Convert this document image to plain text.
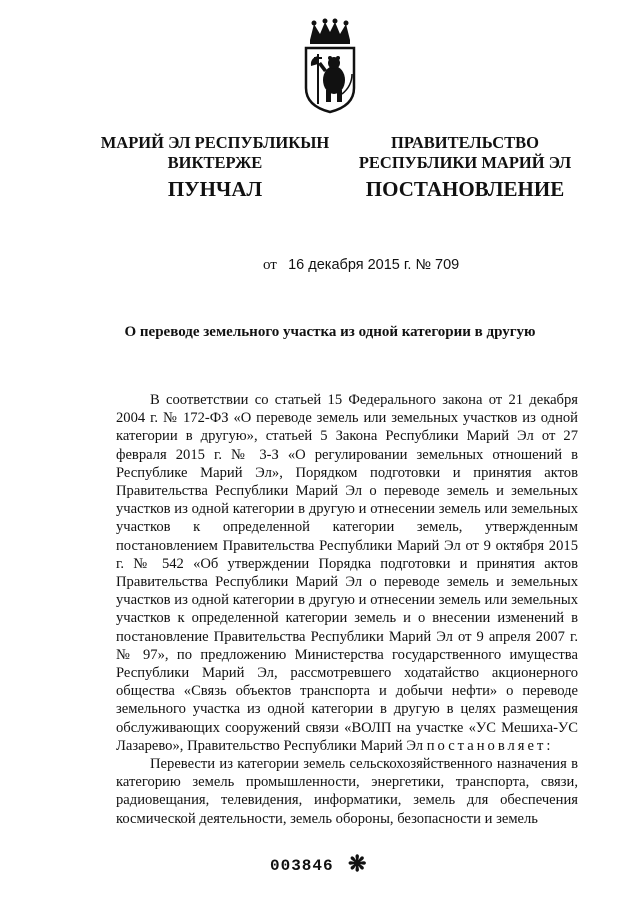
МАРИЙ ЭЛ РЕСПУБЛИКЫН
ВИКТЕРЖЕ
ПРАВИТЕЛЬСТВО
РЕСПУБЛИКИ МАРИЙ ЭЛ
ПУНЧАЛ	ПОСТАНОВЛЕНИЕ
от 16 декабря 2015 г. № 709
О переводе земельного участка из одной категории в другую

В соответствии со статьей 15 Федерального закона от 21 декабря 2004 г. № 172-ФЗ «О переводе земель или земельных участков из одной категории в другую», статьей 5 Закона Республики Марий Эл от 27 февраля 2015 г. № 3-З «О регулировании земельных отношений в Республике Марий Эл», Порядком подготовки и принятия актов Правительства Республики Марий Эл о переводе земель и земельных участков из одной категории в другую и отнесении земель или земельных участков к определенной категории земель, утвержденным постановлением Правительства Республики Марий Эл от 9 октября 2015 г. № 542 «Об утверждении Порядка подготовки и принятия актов Правительства Республики Марий Эл о переводе земель и земельных участков из одной категории в другую и отнесении земель или земельных участков к определенной категории земель и о внесении изменений в постановление Правительства Республики Марий Эл от 9 апреля 2007 г. № 97», по предложению Министерства государственного имущества Республики Марий Эл, рассмотревшего ходатайство акционерного общества «Связь объектов транспорта и добычи нефти» о переводе земельного участка из одной категории в другую в целях размещения обслуживающих сооружений связи «ВОЛП на участке «УС Мешиха-УС Лазарево», Правительство Республики Марий Эл постановляет:

Перевести из категории земель сельскохозяйственного назначения в категорию земель промышленности, энергетики, транспорта, связи, радиовещания, телевидения, информатики, земель для обеспечения космической деятельности, земель обороны, безопасности и земель

003846 ❋
